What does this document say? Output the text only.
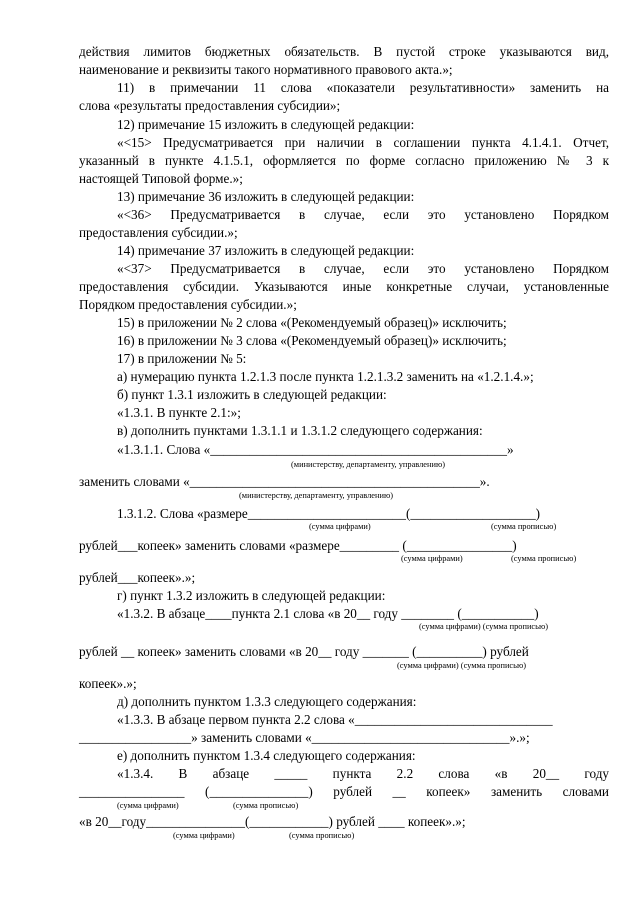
действия лимитов бюджетных обязательств. В пустой строке указываются вид,
наименование и реквизиты такого нормативного правового акта.»;
11) в примечании 11 слова «показатели результативности» заменить на
слова «результаты предоставления субсидии»;
12) примечание 15 изложить в следующей редакции:
«<15> Предусматривается при наличии в соглашении пункта 4.1.4.1. Отчет,
указанный в пункте 4.1.5.1, оформляется по форме согласно приложению № 3 к
настоящей Типовой форме.»;
13) примечание 36 изложить в следующей редакции:
«<36> Предусматривается в случае, если это установлено Порядком
предоставления субсидии.»;
14) примечание 37 изложить в следующей редакции:
«<37> Предусматривается в случае, если это установлено Порядком
предоставления субсидии. Указываются иные конкретные случаи, установленные
Порядком предоставления субсидии.»;
15) в приложении № 2 слова «(Рекомендуемый образец)» исключить;
16) в приложении № 3 слова «(Рекомендуемый образец)» исключить;
17) в приложении № 5:
а) нумерацию пункта 1.2.1.3 после пункта 1.2.1.3.2 заменить на «1.2.1.4.»;
б) пункт 1.3.1 изложить в следующей редакции:
«1.3.1. В пункте 2.1:»;
в) дополнить пунктами 1.3.1.1 и 1.3.1.2 следующего содержания:
«1.3.1.1. Слова «_____________________________________________»
(министерству, департаменту, управлению)
заменить словами «____________________________________________».
(министерству, департаменту, управлению)
1.3.1.2. Слова «размере________________________(___________________)
(сумма цифрами)	(сумма прописью)
рублей___копеек» заменить словами «размере_________ (________________)
(сумма цифрами)	(сумма прописью)
рублей___копеек».»;
г) пункт 1.3.2 изложить в следующей редакции:
«1.3.2. В абзаце____пункта 2.1 слова «в 20__ году ________ (___________)
(сумма цифрами) (сумма прописью)
рублей __ копеек» заменить словами «в 20__ году _______ (__________) рублей
(сумма цифрами) (сумма прописью)
копеек».»;
д) дополнить пунктом 1.3.3 следующего содержания:
«1.3.3. В абзаце первом пункта 2.2 слова «______________________________
_________________» заменить словами «______________________________».»;
е) дополнить пунктом 1.3.4 следующего содержания:
«1.3.4. В абзаце _____ пункта 2.2 слова «в 20__ году
________________ (_______________) рублей __ копеек» заменить словами
(сумма цифрами)	(сумма прописью)
«в 20__году_______________(____________) рублей ____ копеек».»;
(сумма цифрами)	(сумма прописью)
